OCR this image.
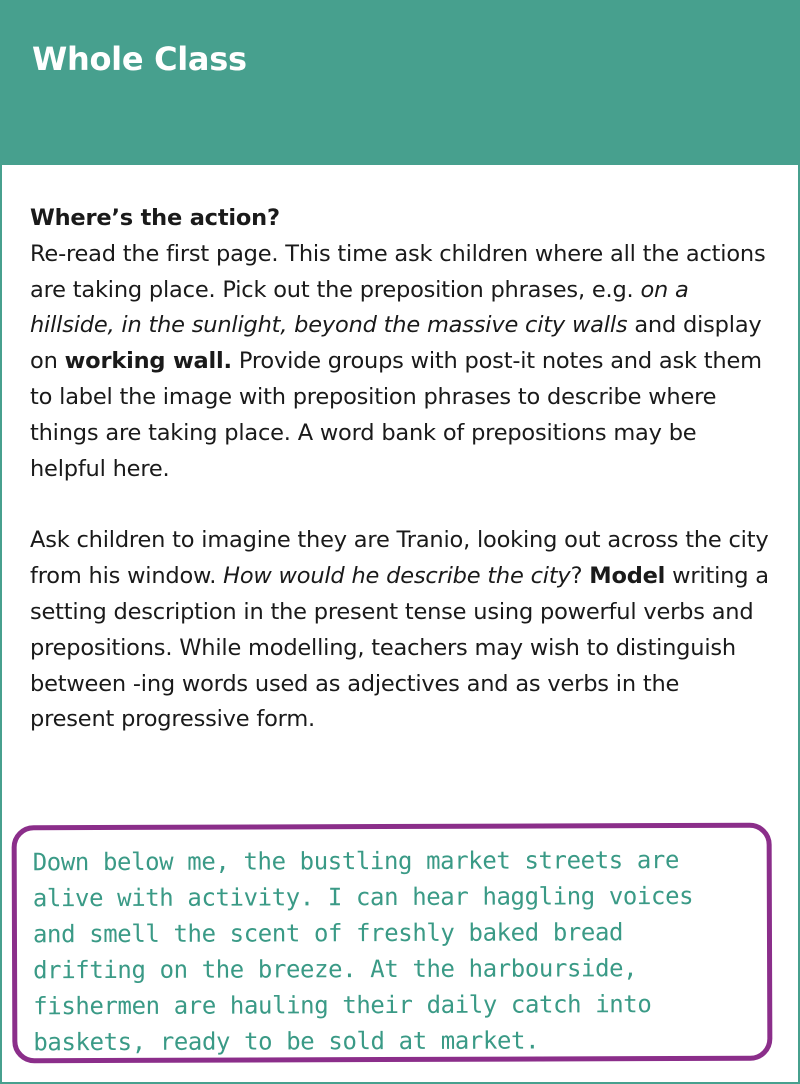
Whole Class

Where’s the action?

Re-read the first page. This time ask children where all the actions are taking place. Pick out the preposition phrases, e.g. on a hillside, in the sunlight, beyond the massive city walls and display on working wall. Provide groups with post-it notes and ask them to label the image with preposition phrases to describe where things are taking place. A word bank of prepositions may be helpful here.

Ask children to imagine they are Tranio, looking out across the city from his window. How would he describe the city? Model writing a setting description in the present tense using powerful verbs and prepositions. While modelling, teachers may wish to distinguish between -ing words used as adjectives and as verbs in the present progressive form.

Down below me, the bustling market streets are
alive with activity. I can hear haggling voices
and smell the scent of freshly baked bread
drifting on the breeze. At the harbourside,
fishermen are hauling their daily catch into
baskets, ready to be sold at market.
